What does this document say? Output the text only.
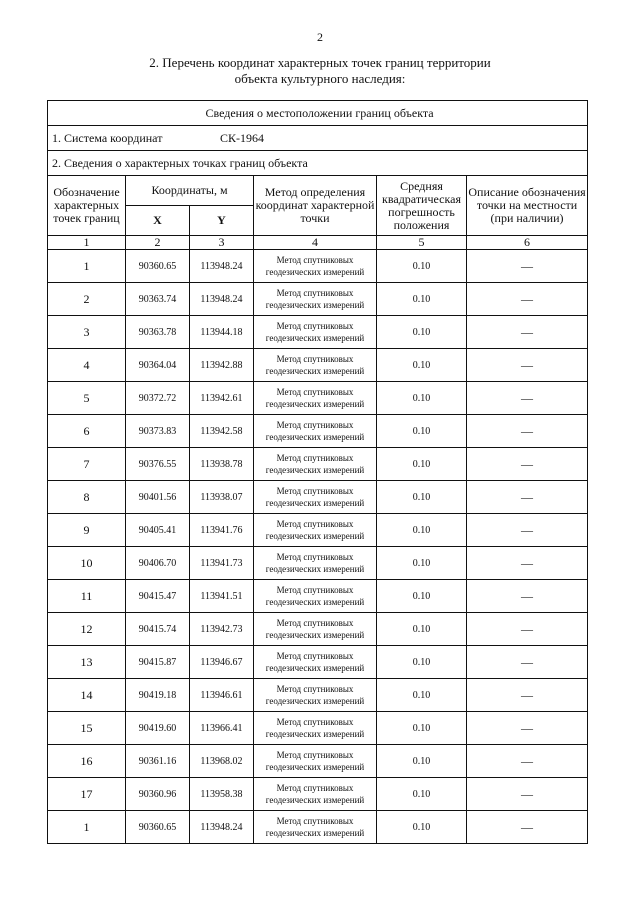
2
2. Перечень координат характерных точек границ территории
объекта культурного наследия:
Сведения о местоположении границ объекта					
1. Система координат СК-1964					
2. Сведения о характерных точках границ объекта					
Обозначение характерных точек границ	Координаты, м		Метод определения координат характерной точки	Средняя квадратическая погрешность положения	Описание обозначения точки на местности (при наличии)
	X	Y			
1	2	3	4	5	6
1	90360.65	113948.24	Метод спутниковых геодезических измерений	0.10	—
2	90363.74	113948.24	Метод спутниковых геодезических измерений	0.10	—
3	90363.78	113944.18	Метод спутниковых геодезических измерений	0.10	—
4	90364.04	113942.88	Метод спутниковых геодезических измерений	0.10	—
5	90372.72	113942.61	Метод спутниковых геодезических измерений	0.10	—
6	90373.83	113942.58	Метод спутниковых геодезических измерений	0.10	—
7	90376.55	113938.78	Метод спутниковых геодезических измерений	0.10	—
8	90401.56	113938.07	Метод спутниковых геодезических измерений	0.10	—
9	90405.41	113941.76	Метод спутниковых геодезических измерений	0.10	—
10	90406.70	113941.73	Метод спутниковых геодезических измерений	0.10	—
11	90415.47	113941.51	Метод спутниковых геодезических измерений	0.10	—
12	90415.74	113942.73	Метод спутниковых геодезических измерений	0.10	—
13	90415.87	113946.67	Метод спутниковых геодезических измерений	0.10	—
14	90419.18	113946.61	Метод спутниковых геодезических измерений	0.10	—
15	90419.60	113966.41	Метод спутниковых геодезических измерений	0.10	—
16	90361.16	113968.02	Метод спутниковых геодезических измерений	0.10	—
17	90360.96	113958.38	Метод спутниковых геодезических измерений	0.10	—
1	90360.65	113948.24	Метод спутниковых геодезических измерений	0.10	—
